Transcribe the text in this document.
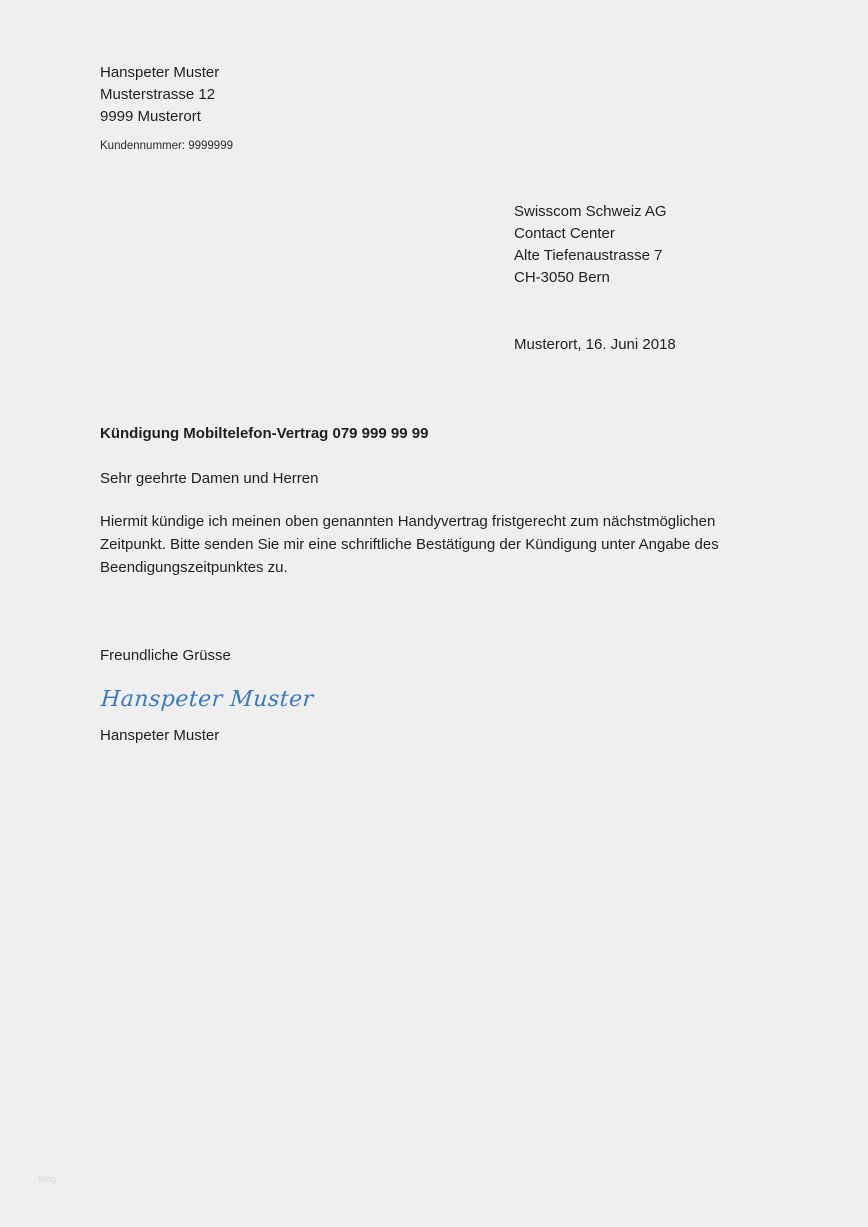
Hanspeter Muster
Musterstrasse 12
9999 Musterort
Kundennummer: 9999999
Swisscom Schweiz AG
Contact Center
Alte Tiefenaustrasse 7
CH-3050 Bern
Musterort, 16. Juni 2018
Kündigung Mobiltelefon-Vertrag 079 999 99 99
Sehr geehrte Damen und Herren
Hiermit kündige ich meinen oben genannten Handyvertrag fristgerecht zum nächstmöglichen Zeitpunkt. Bitte senden Sie mir eine schriftliche Bestätigung der Kündigung unter Angabe des Beendigungszeitpunktes zu.
Freundliche Grüsse
Hanspeter Muster
Hanspeter Muster
blog
